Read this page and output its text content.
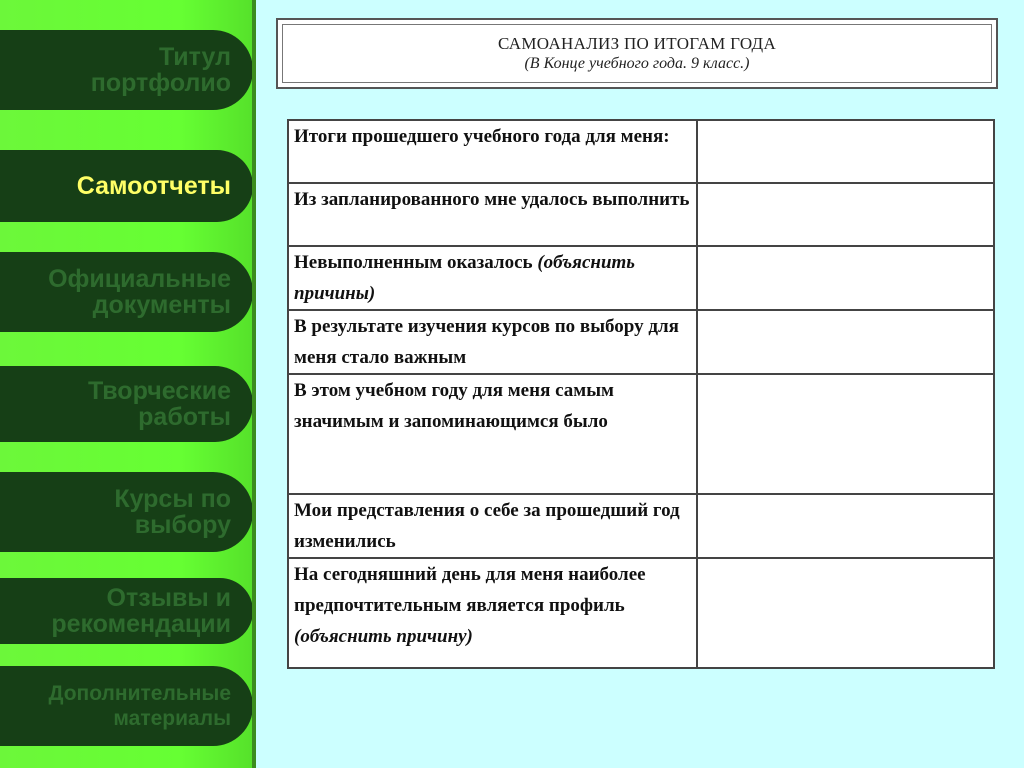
Титул
портфолио
Самоотчеты
Официальные
документы
Творческие
работы
Курсы по
выбору
Отзывы и
рекомендации
Дополнительные
материалы
САМОАНАЛИЗ ПО ИТОГАМ ГОДА
(В Конце учебного года. 9 класс.)
Итоги прошедшего учебного года для меня:	
Из запланированного мне удалось выполнить	
Невыполненным оказалось (объяснить причины)	
В результате изучения курсов по выбору для меня стало важным	
В этом учебном году для меня самым значимым и запоминающимся было	
Мои представления о себе за прошедший год изменились	
На сегодняшний день для меня наиболее предпочтительным является профиль (объяснить причину)	
